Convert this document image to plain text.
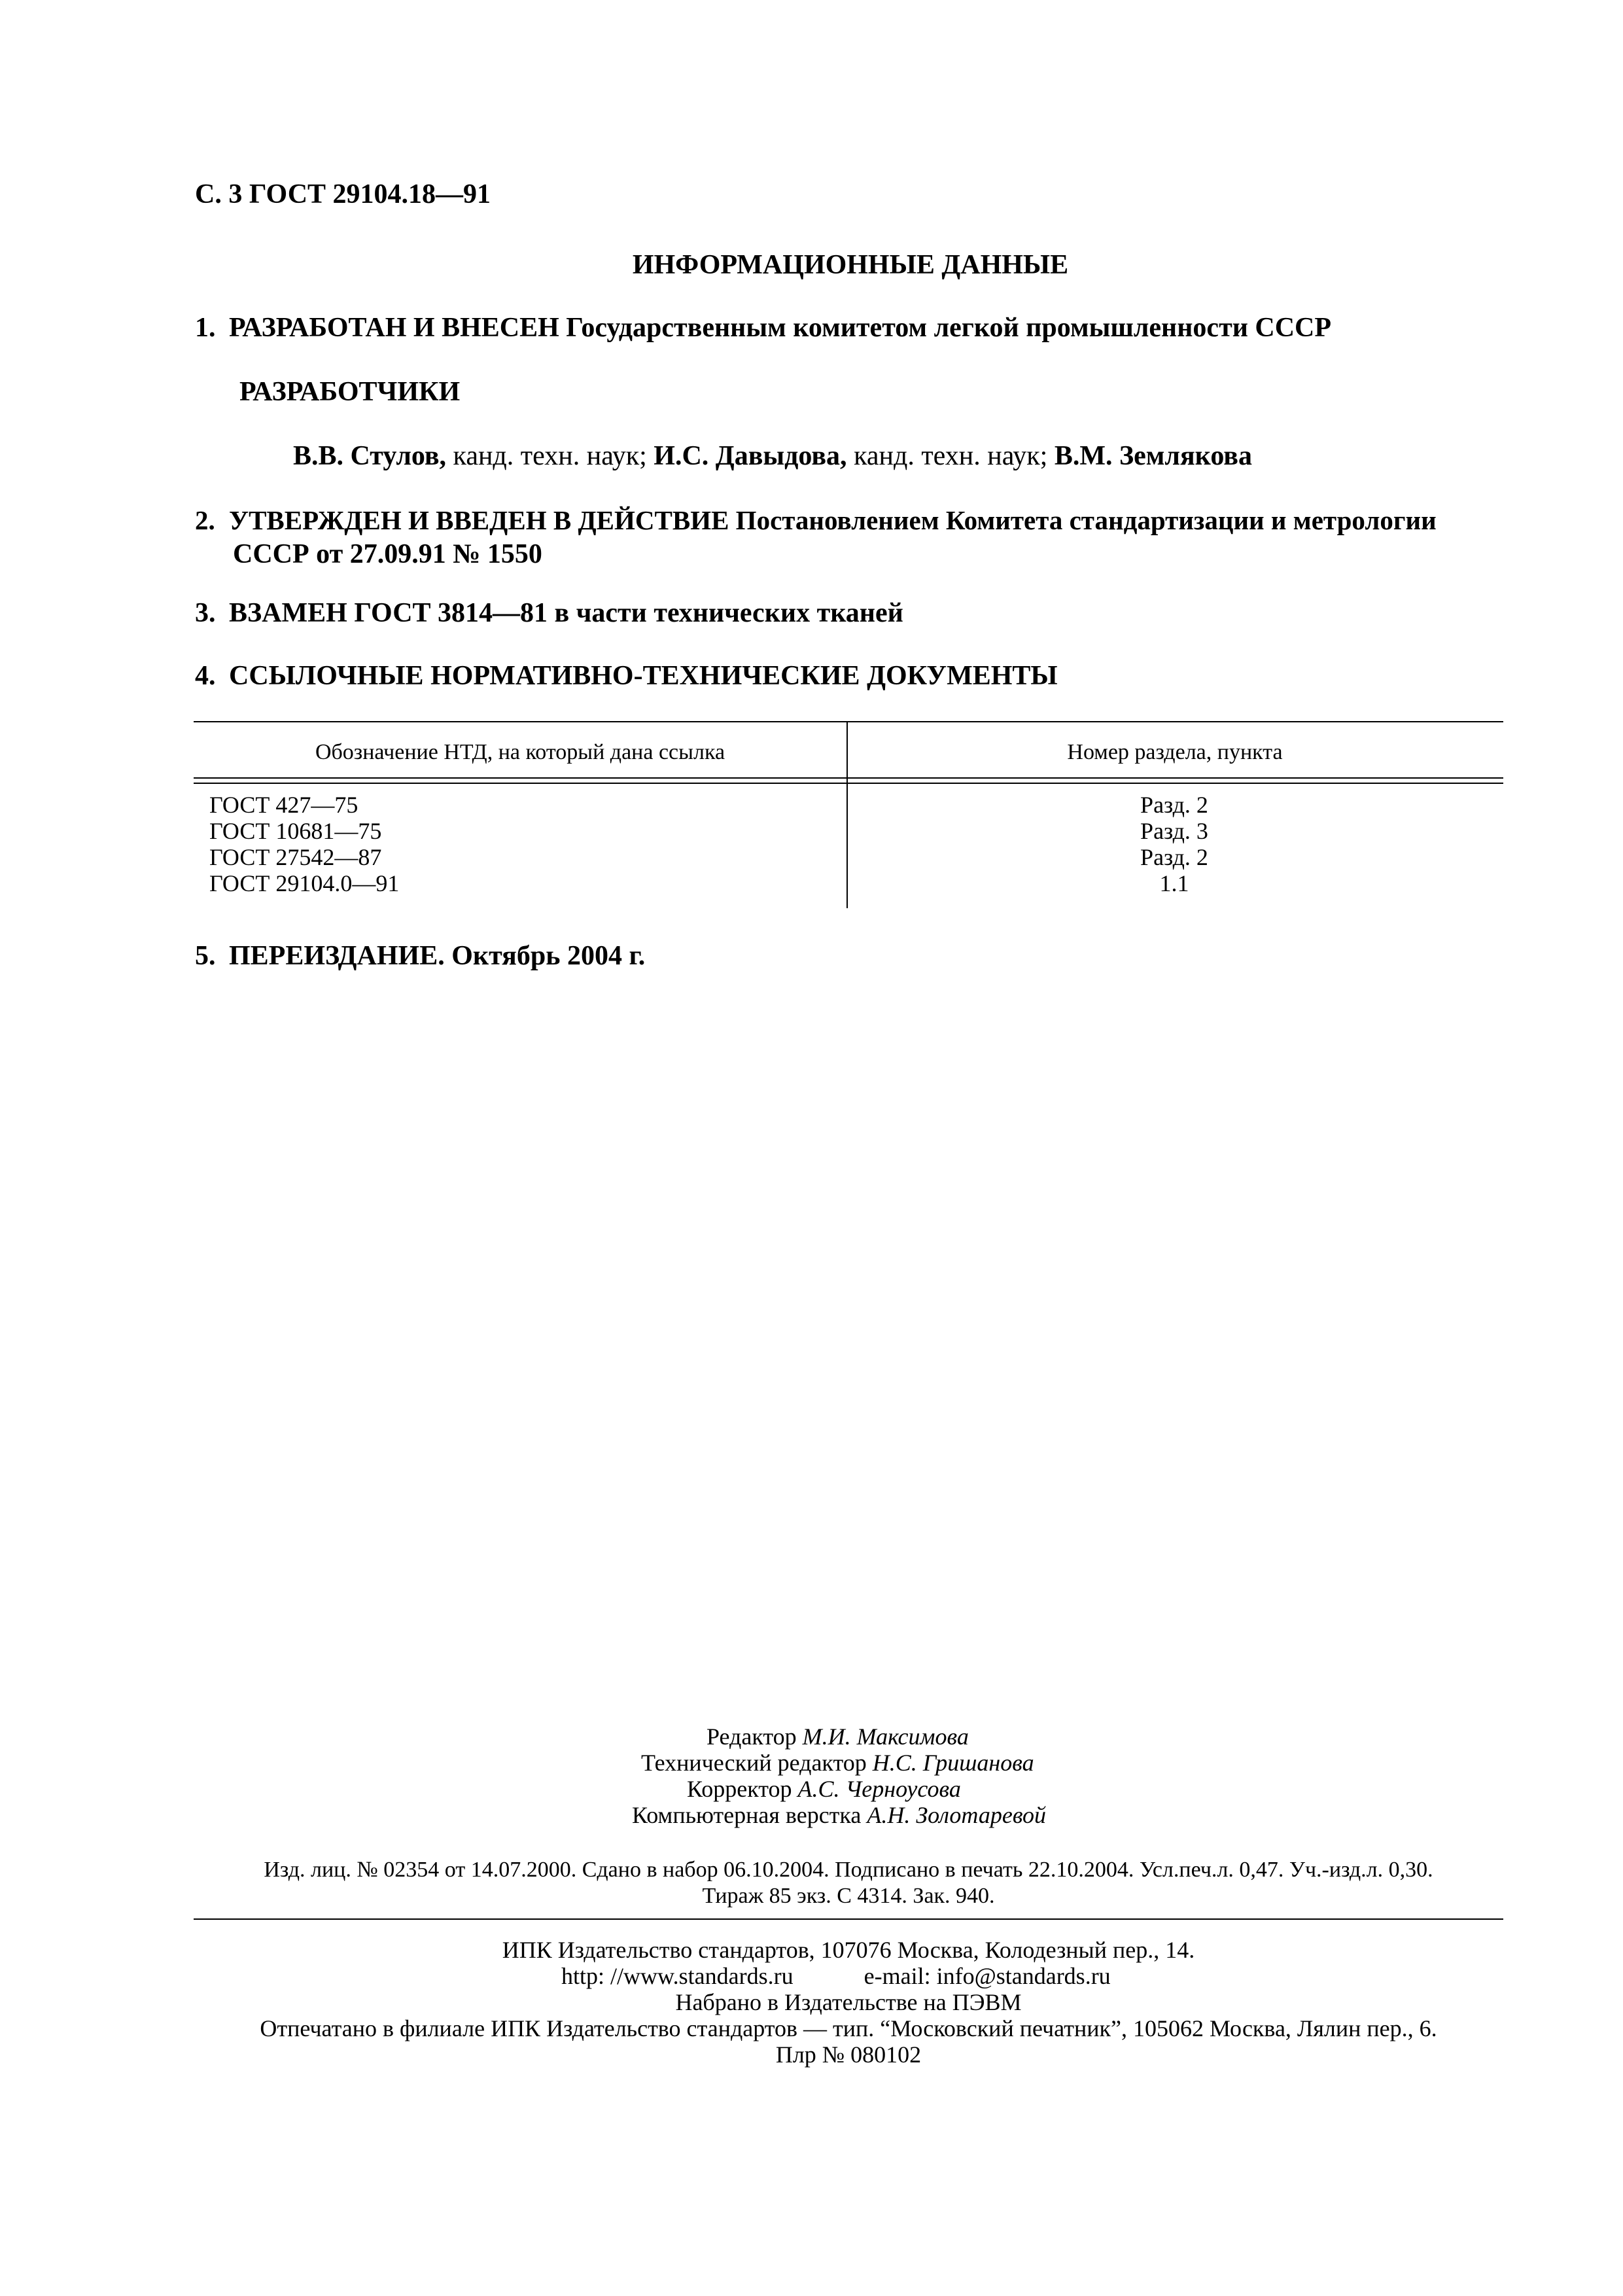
С. 3 ГОСТ 29104.18—91
ИНФОРМАЦИОННЫЕ ДАННЫЕ
1. РАЗРАБОТАН И ВНЕСЕН Государственным комитетом легкой промышленности СССР
РАЗРАБОТЧИКИ
В.В. Стулов, канд. техн. наук; И.С. Давыдова, канд. техн. наук; В.М. Землякова
2. УТВЕРЖДЕН И ВВЕДЕН В ДЕЙСТВИЕ Постановлением Комитета стандартизации и метрологии
СССР от 27.09.91 № 1550
3. ВЗАМЕН ГОСТ 3814—81 в части технических тканей
4. ССЫЛОЧНЫЕ НОРМАТИВНО-ТЕХНИЧЕСКИЕ ДОКУМЕНТЫ
Обозначение НТД, на который дана ссылка	Номер раздела, пункта
ГОСТ 427—75	Разд. 2
ГОСТ 10681—75	Разд. 3
ГОСТ 27542—87	Разд. 2
ГОСТ 29104.0—91	1.1
5. ПЕРЕИЗДАНИЕ. Октябрь 2004 г.
Редактор М.И. Максимова
Технический редактор Н.С. Гришанова
Корректор А.С. Черноусова
Компьютерная верстка А.Н. Золотаревой
Изд. лиц. № 02354 от 14.07.2000. Сдано в набор 06.10.2004. Подписано в печать 22.10.2004. Усл.печ.л. 0,47. Уч.-изд.л. 0,30.
Тираж 85 экз. С 4314. Зак. 940.
ИПК Издательство стандартов, 107076 Москва, Колодезный пер., 14.
http: //www.standards.ru	e-mail: info@standards.ru
Набрано в Издательстве на ПЭВМ
Отпечатано в филиале ИПК Издательство стандартов — тип. “Московский печатник”, 105062 Москва, Лялин пер., 6.
Плр № 080102
